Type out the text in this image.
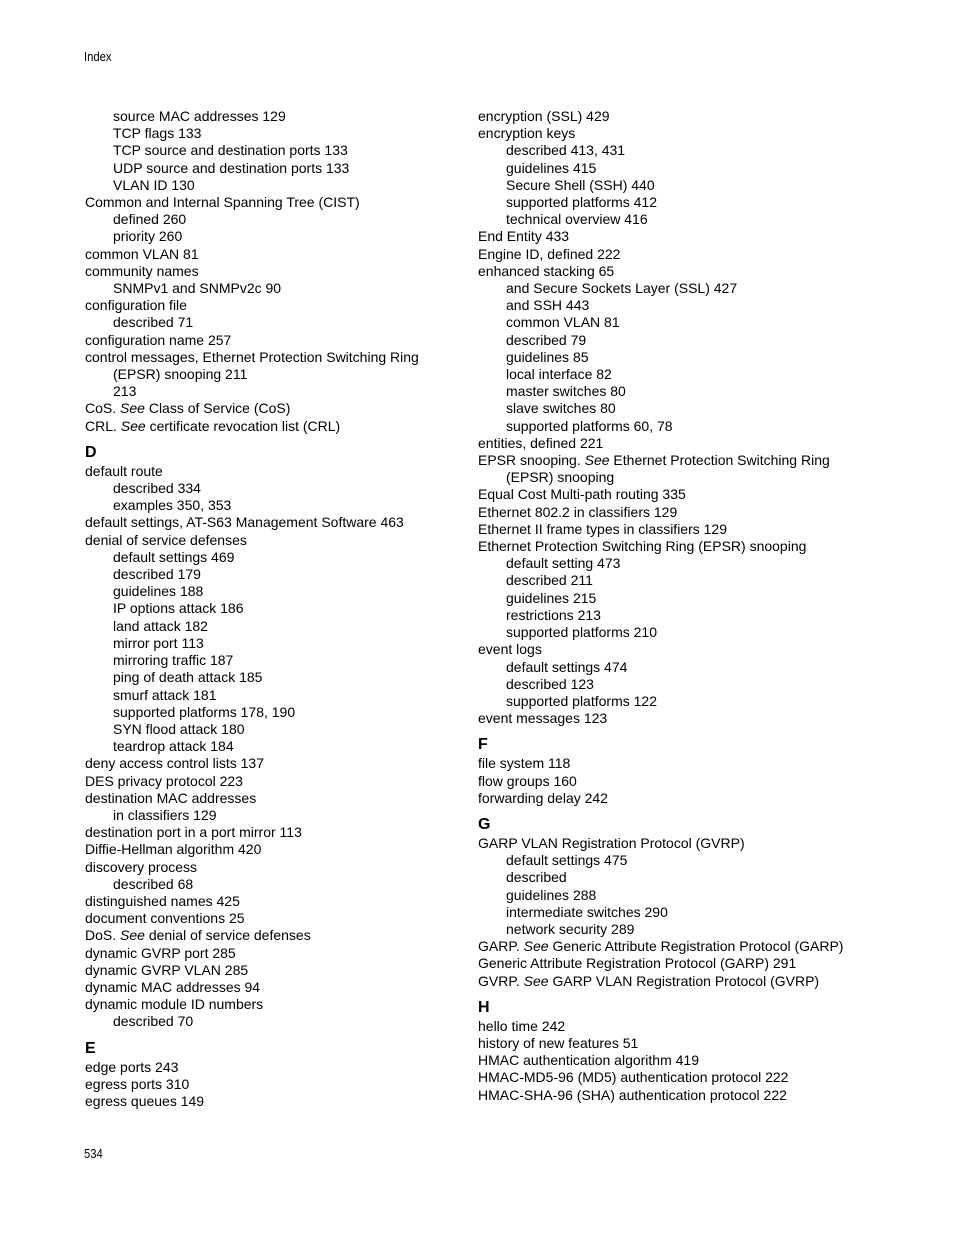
Index
source MAC addresses 129
TCP flags 133
TCP source and destination ports 133
UDP source and destination ports 133
VLAN ID 130
Common and Internal Spanning Tree (CIST)
defined 260
priority 260
common VLAN 81
community names
SNMPv1 and SNMPv2c 90
configuration file
described 71
configuration name 257
control messages, Ethernet Protection Switching Ring
(EPSR) snooping 211
213
CoS. See Class of Service (CoS)
CRL. See certificate revocation list (CRL)
D
default route
described 334
examples 350, 353
default settings, AT-S63 Management Software 463
denial of service defenses
default settings 469
described 179
guidelines 188
IP options attack 186
land attack 182
mirror port 113
mirroring traffic 187
ping of death attack 185
smurf attack 181
supported platforms 178, 190
SYN flood attack 180
teardrop attack 184
deny access control lists 137
DES privacy protocol 223
destination MAC addresses
in classifiers 129
destination port in a port mirror 113
Diffie-Hellman algorithm 420
discovery process
described 68
distinguished names 425
document conventions 25
DoS. See denial of service defenses
dynamic GVRP port 285
dynamic GVRP VLAN 285
dynamic MAC addresses 94
dynamic module ID numbers
described 70
E
edge ports 243
egress ports 310
egress queues 149
encryption (SSL) 429
encryption keys
described 413, 431
guidelines 415
Secure Shell (SSH) 440
supported platforms 412
technical overview 416
End Entity 433
Engine ID, defined 222
enhanced stacking 65
and Secure Sockets Layer (SSL) 427
and SSH 443
common VLAN 81
described 79
guidelines 85
local interface 82
master switches 80
slave switches 80
supported platforms 60, 78
entities, defined 221
EPSR snooping. See Ethernet Protection Switching Ring
(EPSR) snooping
Equal Cost Multi-path routing 335
Ethernet 802.2 in classifiers 129
Ethernet II frame types in classifiers 129
Ethernet Protection Switching Ring (EPSR) snooping
default setting 473
described 211
guidelines 215
restrictions 213
supported platforms 210
event logs
default settings 474
described 123
supported platforms 122
event messages 123
F
file system 118
flow groups 160
forwarding delay 242
G
GARP VLAN Registration Protocol (GVRP)
default settings 475
described
guidelines 288
intermediate switches 290
network security 289
GARP. See Generic Attribute Registration Protocol (GARP)
Generic Attribute Registration Protocol (GARP) 291
GVRP. See GARP VLAN Registration Protocol (GVRP)
H
hello time 242
history of new features 51
HMAC authentication algorithm 419
HMAC-MD5-96 (MD5) authentication protocol 222
HMAC-SHA-96 (SHA) authentication protocol 222
534
